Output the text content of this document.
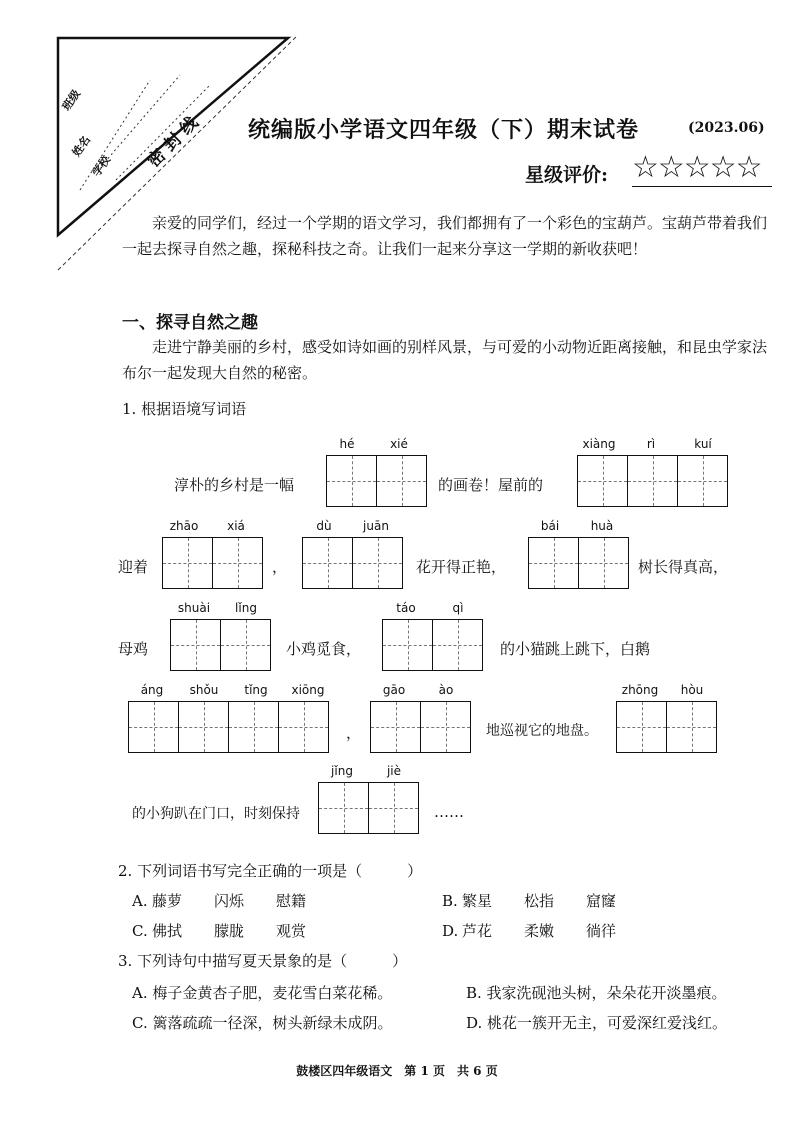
班级
姓名
学校 密 封 线 统编版小学语文四年级（下）期末试卷	(2023.06)
星级评价: ☆☆☆☆☆
亲爱的同学们，经过一个学期的语文学习，我们都拥有了一个彩色的宝葫芦。宝葫芦带着我们一起去探寻自然之趣，探秘科技之奇。让我们一起来分享这一学期的新收获吧！
一、探寻自然之趣
走进宁静美丽的乡村，感受如诗如画的别样风景，与可爱的小动物近距离接触，和昆虫学家法布尔一起发现大自然的秘密。
1. 根据语境写词语
淳朴的乡村是一幅
hé	xié
的画卷！屋前的
xiàng	rì	kuí
迎着
zhāo	xiá
，
dù	juān
花开得正艳，
bái	huà
树长得真高，
母鸡
shuài	lǐng
小鸡觅食，
táo	qì
的小猫跳上跳下，白鹅
áng	shǒu	tǐng	xiōng
，
gāo	ào
地巡视它的地盘。
zhōng	hòu
的小狗趴在门口，时刻保持
jǐng	jiè
……
2. 下列词语书写完全正确的一项是（　　　）
A. 藤萝 闪烁 慰籍	B. 繁星 松指 窟窿
C. 佛拭 朦胧 观赏	D. 芦花 柔嫩 徜徉
3. 下列诗句中描写夏天景象的是（　　　）
A. 梅子金黄杏子肥，麦花雪白菜花稀。	B. 我家洗砚池头树，朵朵花开淡墨痕。
C. 篱落疏疏一径深，树头新绿未成阴。	D. 桃花一簇开无主，可爱深红爱浅红。
鼓楼区四年级语文　第 1 页　共 6 页
